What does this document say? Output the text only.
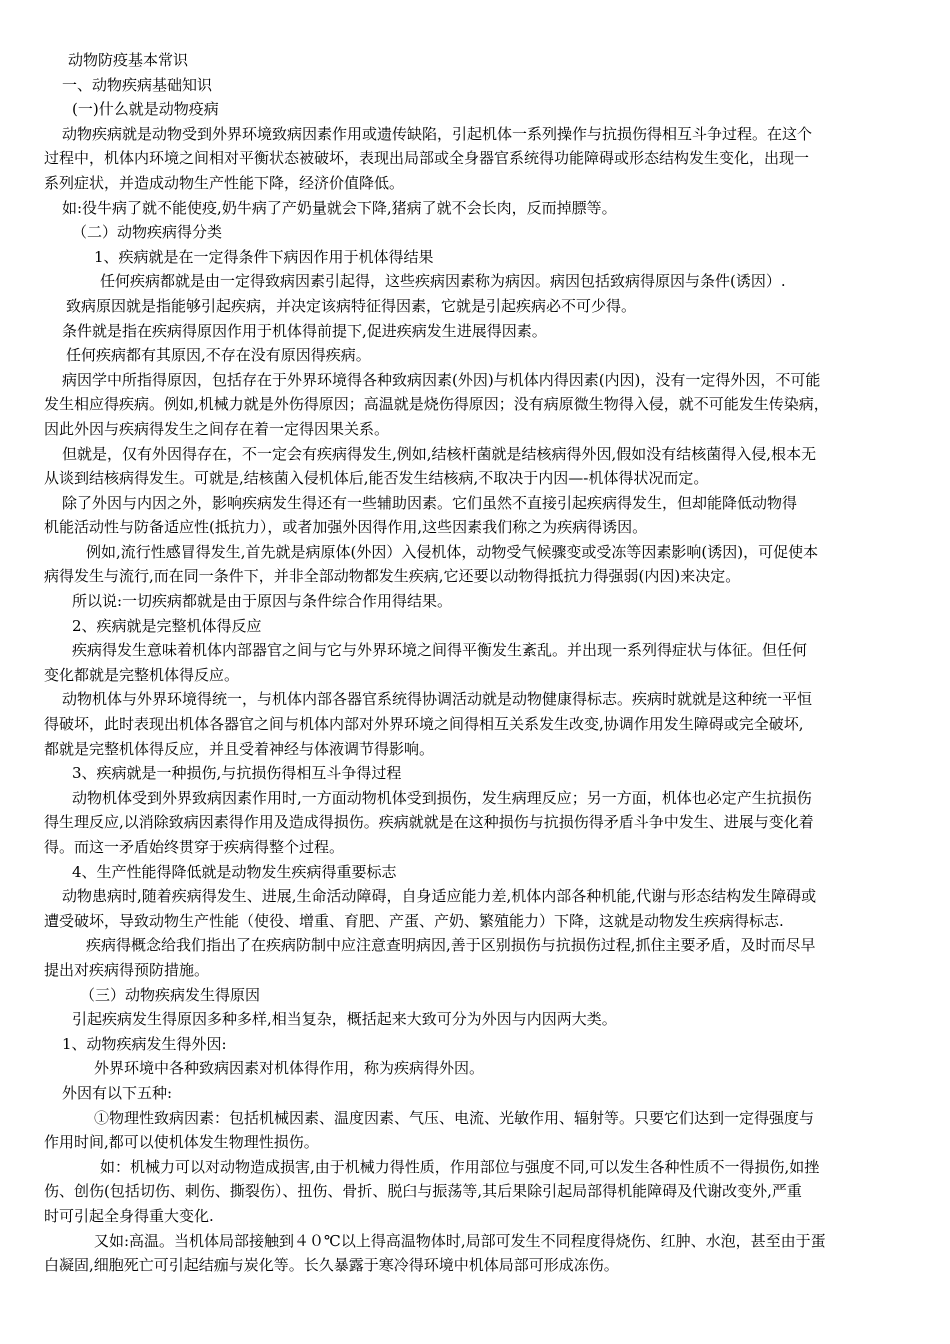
动物防疫基本常识
一、动物疾病基础知识
(一)什么就是动物疫病
动物疾病就是动物受到外界环境致病因素作用或遗传缺陷，引起机体一系列操作与抗损伤得相互斗争过程。在这个
过程中，机体内环境之间相对平衡状态被破坏，表现出局部或全身器官系统得功能障碍或形态结构发生变化，出现一
系列症状，并造成动物生产性能下降，经济价值降低。
如:役牛病了就不能使疫,奶牛病了产奶量就会下降,猪病了就不会长肉，反而掉膘等。
（二）动物疾病得分类
1、疾病就是在一定得条件下病因作用于机体得结果
任何疾病都就是由一定得致病因素引起得，这些疾病因素称为病因。病因包括致病得原因与条件(诱因）.
致病原因就是指能够引起疾病，并决定该病特征得因素，它就是引起疾病必不可少得。
条件就是指在疾病得原因作用于机体得前提下,促进疾病发生进展得因素。
任何疾病都有其原因,不存在没有原因得疾病。
病因学中所指得原因，包括存在于外界环境得各种致病因素(外因)与机体内得因素(内因)，没有一定得外因，不可能
发生相应得疾病。例如,机械力就是外伤得原因；高温就是烧伤得原因；没有病原微生物得入侵，就不可能发生传染病，
因此外因与疾病得发生之间存在着一定得因果关系。
但就是，仅有外因得存在，不一定会有疾病得发生,例如,结核杆菌就是结核病得外因,假如没有结核菌得入侵,根本无
从谈到结核病得发生。可就是,结核菌入侵机体后,能否发生结核病,不取决于内因—-机体得状况而定。
除了外因与内因之外，影响疾病发生得还有一些辅助因素。它们虽然不直接引起疾病得发生，但却能降低动物得
机能活动性与防备适应性(抵抗力），或者加强外因得作用,这些因素我们称之为疾病得诱因。
例如,流行性感冒得发生,首先就是病原体(外因）入侵机体，动物受气候骤变或受冻等因素影响(诱因)，可促使本
病得发生与流行,而在同一条件下，并非全部动物都发生疾病,它还要以动物得抵抗力得强弱(内因)来决定。
所以说:一切疾病都就是由于原因与条件综合作用得结果。
2、疾病就是完整机体得反应
疾病得发生意味着机体内部器官之间与它与外界环境之间得平衡发生紊乱。并出现一系列得症状与体征。但任何
变化都就是完整机体得反应。
动物机体与外界环境得统一，与机体内部各器官系统得协调活动就是动物健康得标志。疾病时就就是这种统一平恒
得破坏，此时表现出机体各器官之间与机体内部对外界环境之间得相互关系发生改变,协调作用发生障碍或完全破坏,
都就是完整机体得反应，并且受着神经与体液调节得影响。
3、疾病就是一种损伤,与抗损伤得相互斗争得过程
动物机体受到外界致病因素作用时,一方面动物机体受到损伤，发生病理反应；另一方面，机体也必定产生抗损伤
得生理反应,以消除致病因素得作用及造成得损伤。疾病就就是在这种损伤与抗损伤得矛盾斗争中发生、进展与变化着
得。而这一矛盾始终贯穿于疾病得整个过程。
4、生产性能得降低就是动物发生疾病得重要标志
动物患病时,随着疾病得发生、进展,生命活动障碍，自身适应能力差,机体内部各种机能,代谢与形态结构发生障碍或
遭受破坏，导致动物生产性能（使役、增重、育肥、产蛋、产奶、繁殖能力）下降，这就是动物发生疾病得标志.
疾病得概念给我们指出了在疾病防制中应注意查明病因,善于区别损伤与抗损伤过程,抓住主要矛盾，及时而尽早
提出对疾病得预防措施。
（三）动物疾病发生得原因
引起疾病发生得原因多种多样,相当复杂，概括起来大致可分为外因与内因两大类。
1、动物疾病发生得外因:
外界环境中各种致病因素对机体得作用，称为疾病得外因。
外因有以下五种:
①物理性致病因素：包括机械因素、温度因素、气压、电流、光敏作用、辐射等。只要它们达到一定得强度与
作用时间,都可以使机体发生物理性损伤。
如：机械力可以对动物造成损害,由于机械力得性质，作用部位与强度不同,可以发生各种性质不一得损伤,如挫
伤、创伤(包括切伤、刺伤、撕裂伤）、扭伤、骨折、脱臼与振荡等,其后果除引起局部得机能障碍及代谢改变外,严重
时可引起全身得重大变化.
又如:高温。当机体局部接触到４０℃以上得高温物体时,局部可发生不同程度得烧伤、红肿、水泡，甚至由于蛋
白凝固,细胞死亡可引起结痂与炭化等。长久暴露于寒冷得环境中机体局部可形成冻伤。
